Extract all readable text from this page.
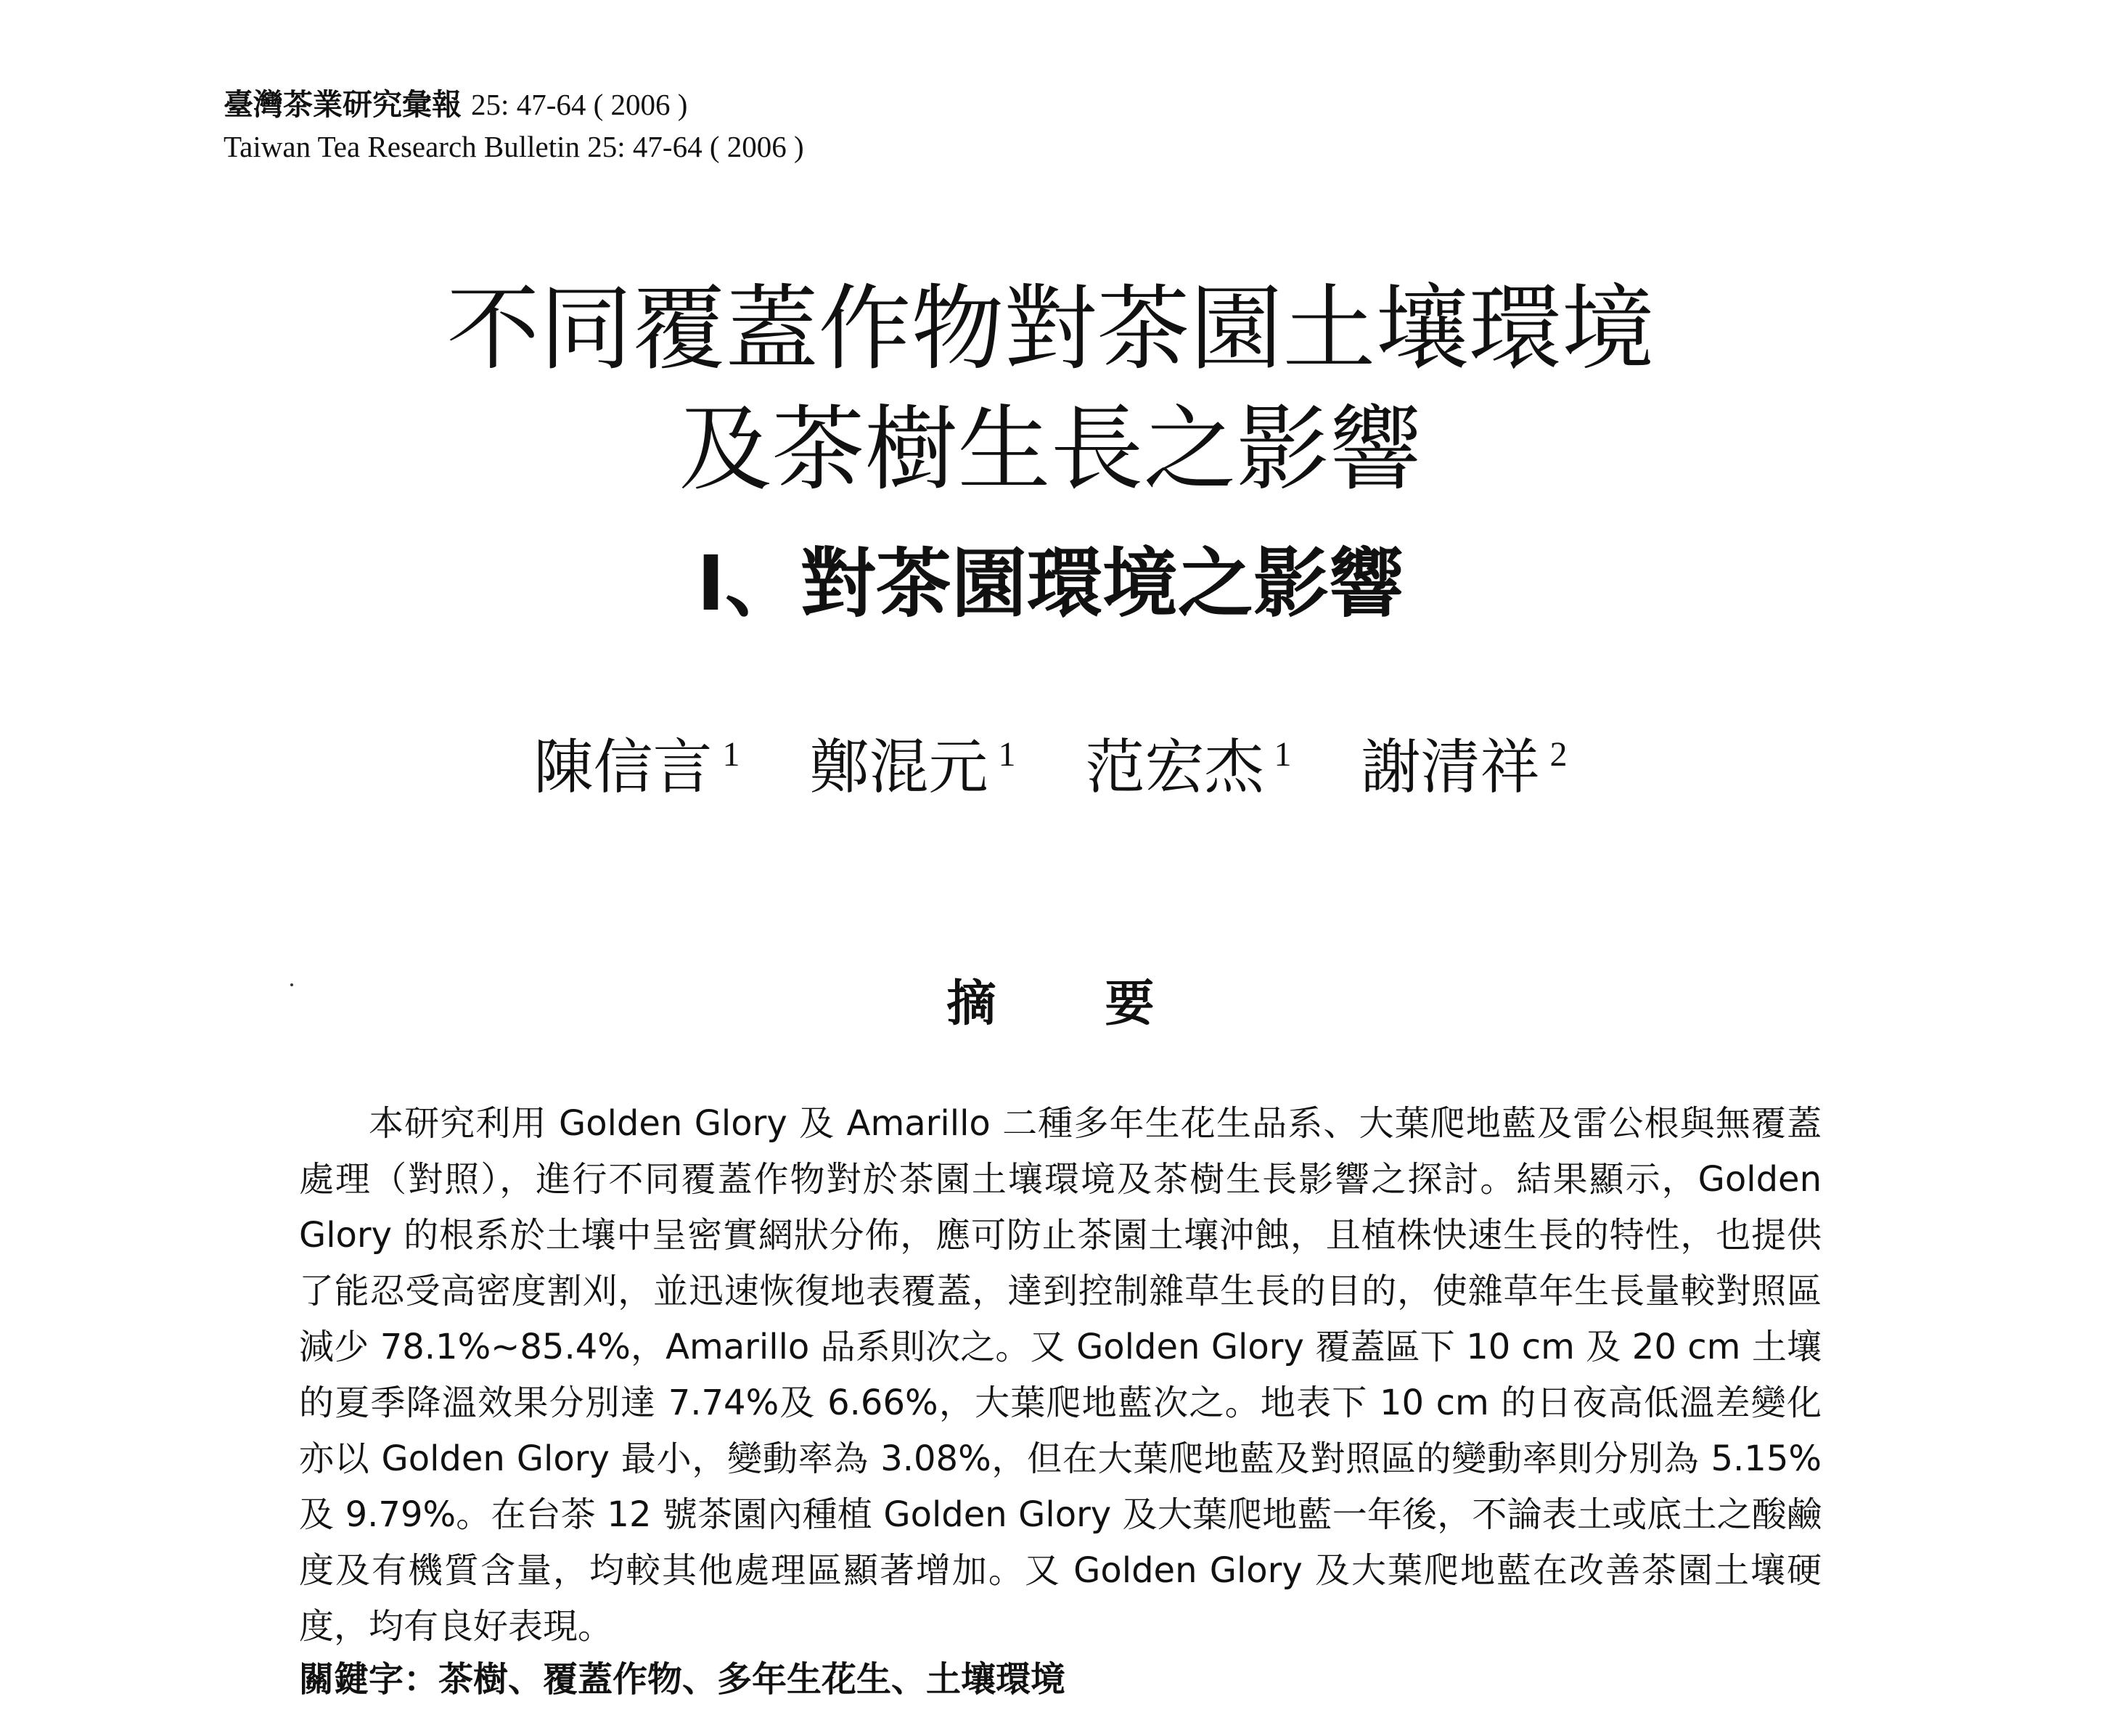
臺灣茶業研究彙報 25: 47-64 ( 2006 )
Taiwan Tea Research Bulletin 25: 47-64 ( 2006 )
不同覆蓋作物對茶園土壤環境
及茶樹生長之影響
I、對茶園環境之影響
陳信言 $^1$ 鄭混元 $^1$ 范宏杰 $^1$ 謝清祥 $^2$
摘要

本研究利用 Golden Glory 及 Amarillo 二種多年生花生品系、大葉爬地藍及雷公根與無覆蓋處理（對照），進行不同覆蓋作物對於茶園土壤環境及茶樹生長影響之探討。結果顯示，Golden Glory 的根系於土壤中呈密實網狀分佈，應可防止茶園土壤沖蝕，且植株快速生長的特性，也提供了能忍受高密度割刈，並迅速恢復地表覆蓋，達到控制雜草生長的目的，使雜草年生長量較對照區減少 78.1%~85.4%，Amarillo 品系則次之。又 Golden Glory 覆蓋區下 10 cm 及 20 cm 土壤的夏季降溫效果分別達 7.74%及 6.66%，大葉爬地藍次之。地表下 10 cm 的日夜高低溫差變化亦以 Golden Glory 最小，變動率為 3.08%，但在大葉爬地藍及對照區的變動率則分別為 5.15%及 9.79%。在台茶 12 號茶園內種植 Golden Glory 及大葉爬地藍一年後，不論表土或底土之酸鹼度及有機質含量，均較其他處理區顯著增加。又 Golden Glory 及大葉爬地藍在改善茶園土壤硬度，均有良好表現。

關鍵字：茶樹、覆蓋作物、多年生花生、土壤環境
